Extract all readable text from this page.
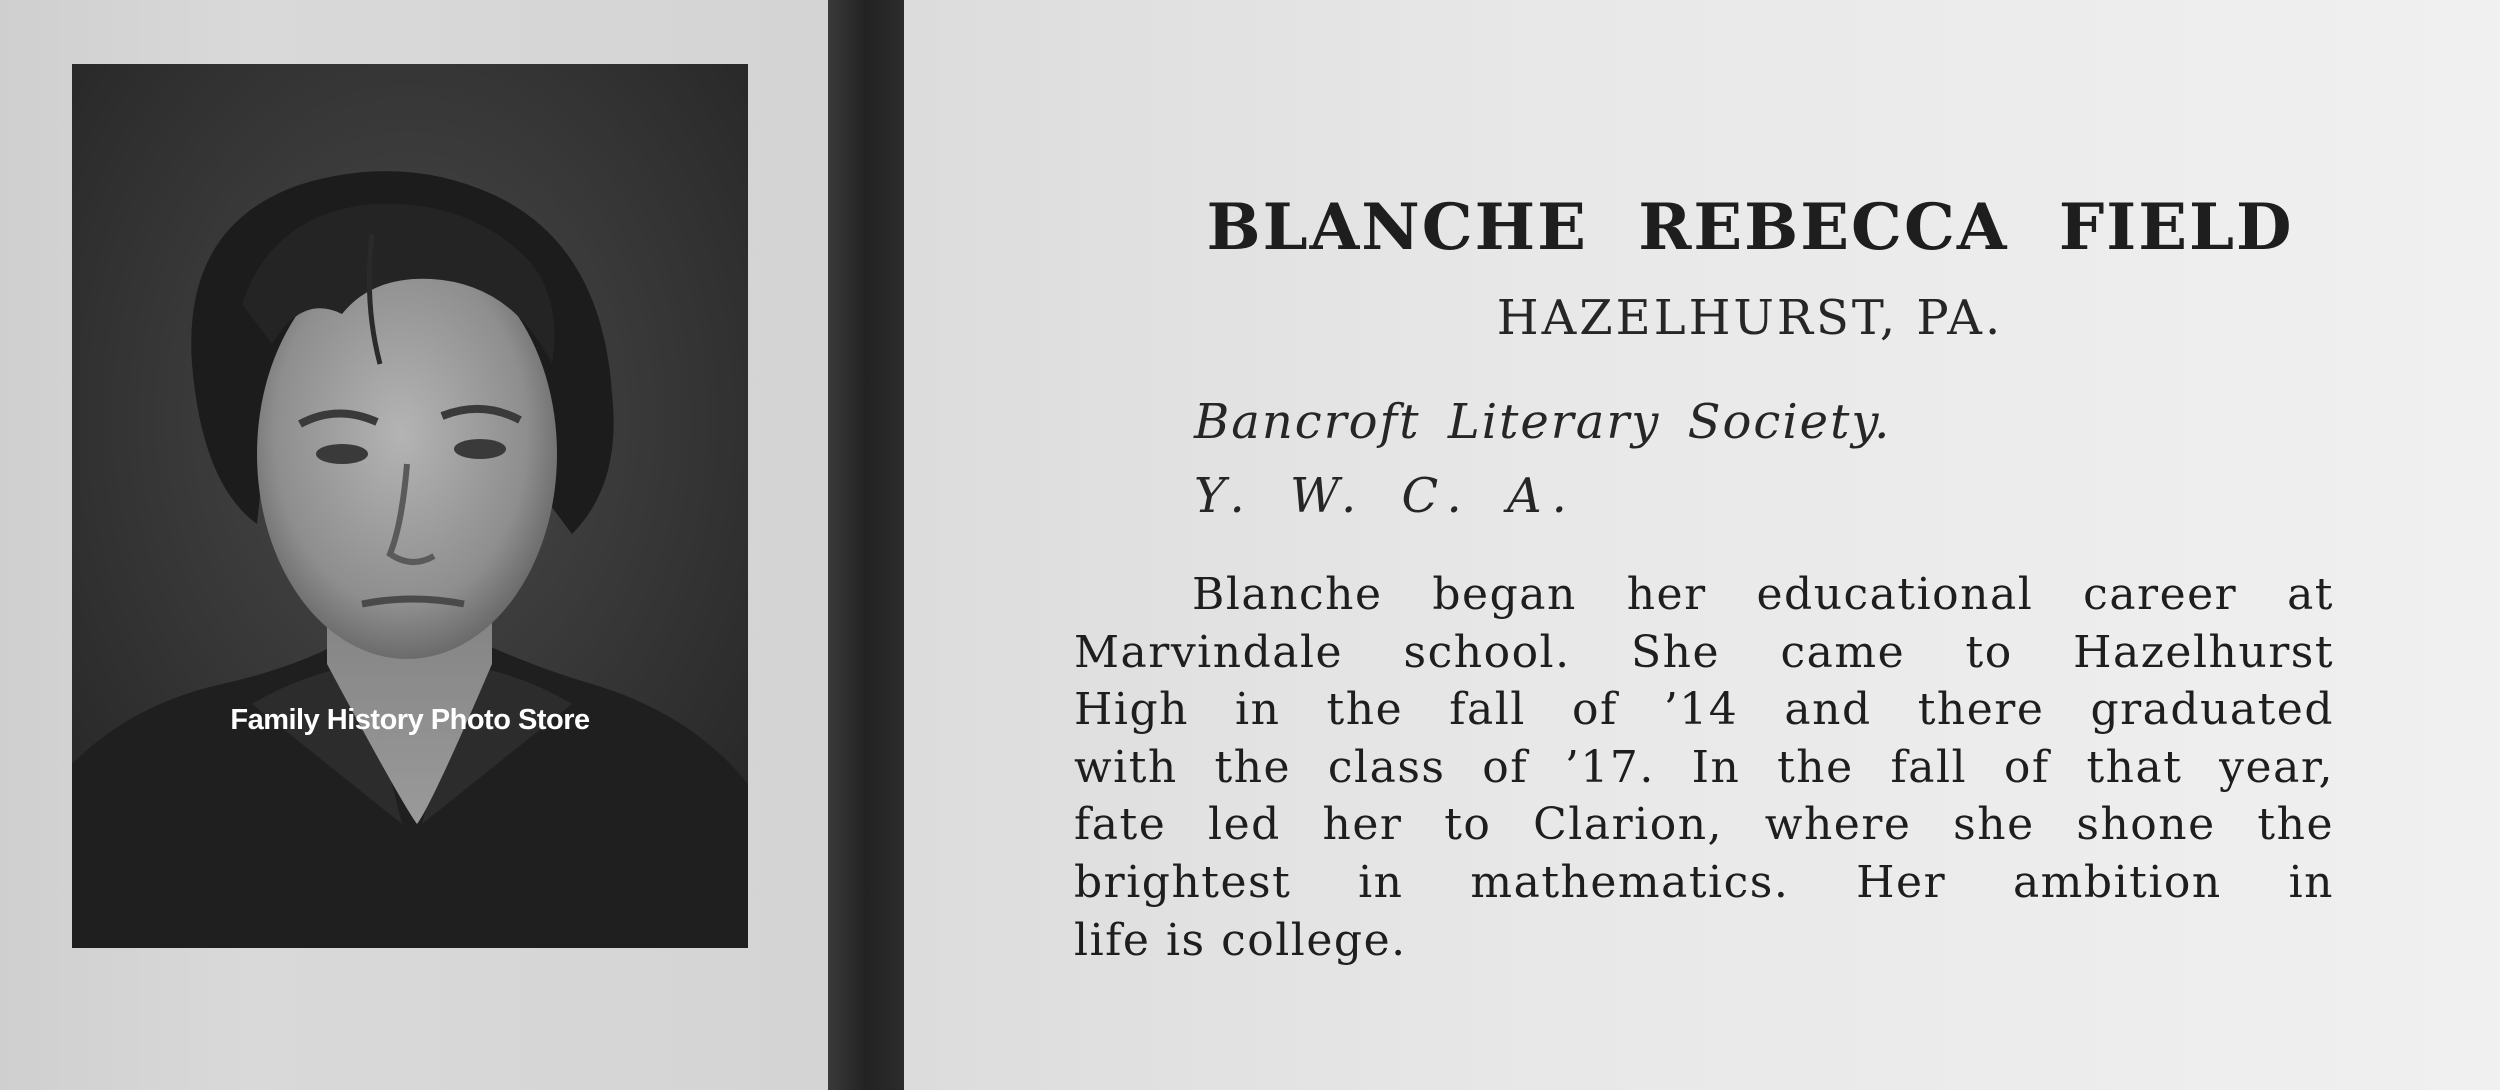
Family History Photo Store
BLANCHE REBECCA FIELD
HAZELHURST, PA.
Bancroft Literary Society.
Y. W. C. A.
Blanche began her educational career at
Marvindale school. She came to Hazelhurst
High in the fall of ’14 and there graduated
with the class of ’17. In the fall of that year,
fate led her to Clarion, where she shone the
brightest in mathematics. Her ambition in
life is college.
